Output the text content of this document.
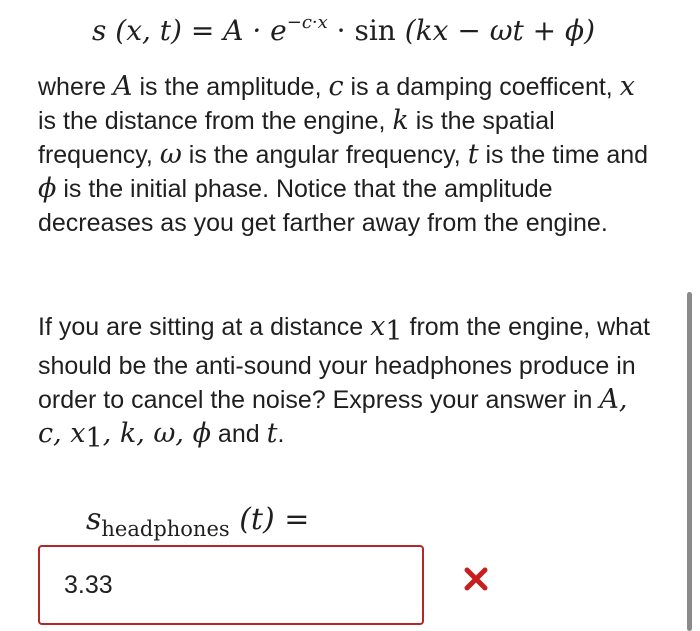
s (x, $t) = A \cdot e^{-c\cdot x} \cdot \sin (kx - \omega t + \phi)$
where A is the amplitude, c is a damping coefficent, x is the distance from the engine, k is the spatial frequency, ω is the angular frequency, t is the time and ϕ is the initial phase. Notice that the amplitude decreases as you get farther away from the engine.
If you are sitting at a distance $x_1$ from the engine, what should be the anti-sound your headphones produce in order to cancel the noise? Express your answer in A, c, $x_1$, k, ω, ϕ and t.
$s_{headphones}$ (t) =
3.33
